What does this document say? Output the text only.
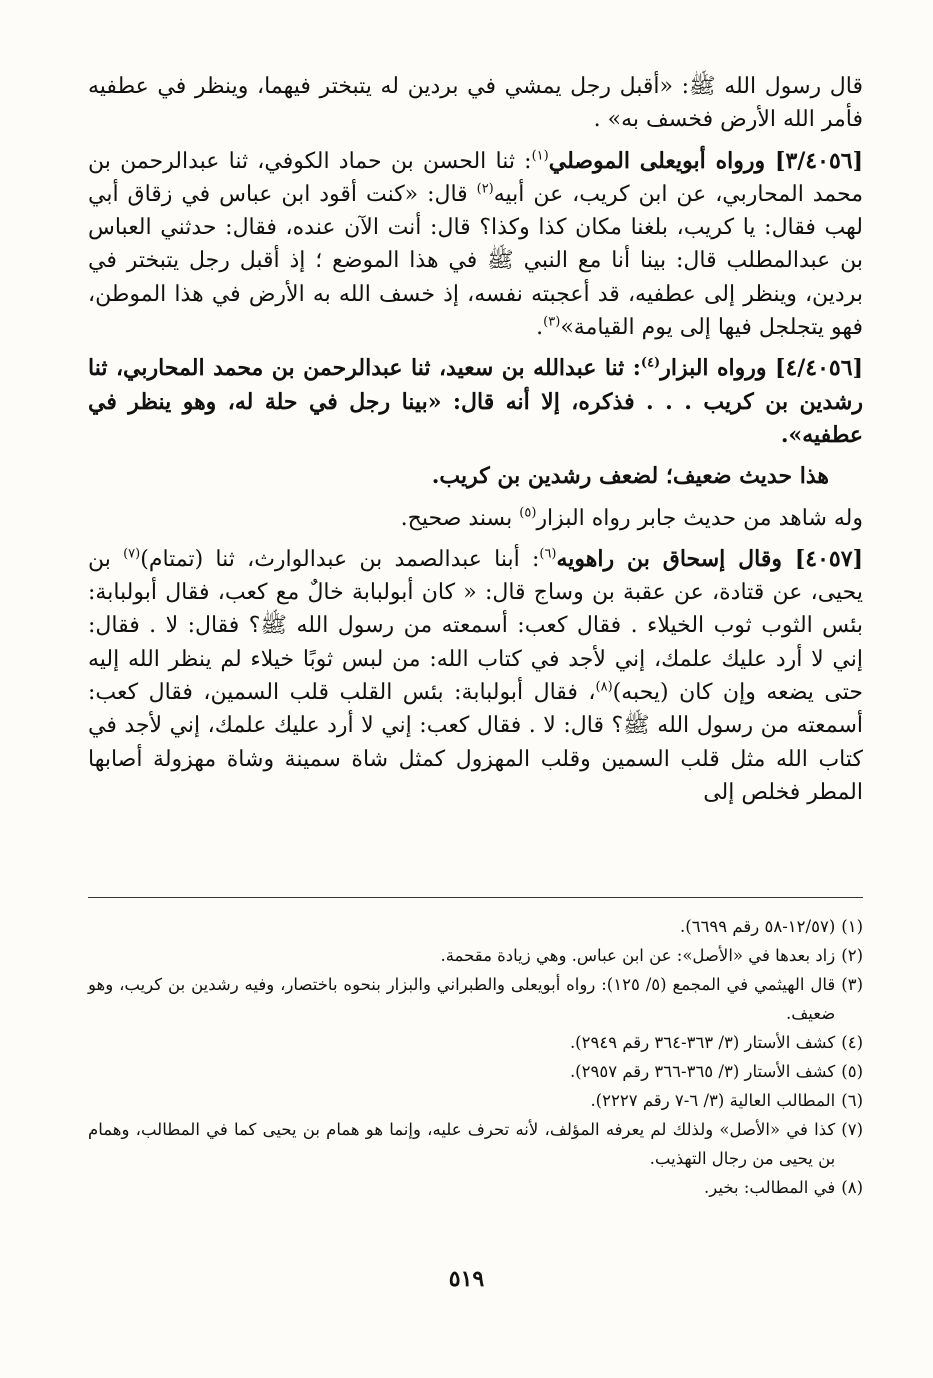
قال رسول الله ﷺ: «أقبل رجل يمشي في بردين له يتبختر فيهما، وينظر في عطفيه فأمر الله الأرض فخسف به» .

[٣/٤٠٥٦] ورواه أبويعلى الموصلي$^{(١)}$: ثنا الحسن بن حماد الكوفي، ثنا عبدالرحمن بن محمد المحاربي، عن ابن كريب، عن أبيه$^{(٢)}$ قال: «كنت أقود ابن عباس في زقاق أبي لهب فقال: يا كريب، بلغنا مكان كذا وكذا؟ قال: أنت الآن عنده، فقال: حدثني العباس بن عبدالمطلب قال: بينا أنا مع النبي ﷺ في هذا الموضع ؛ إذ أقبل رجل يتبختر في بردين، وينظر إلى عطفيه، قد أعجبته نفسه، إذ خسف الله به الأرض في هذا الموطن، فهو يتجلجل فيها إلى يوم القيامة»$^{(٣)}$.

[٤/٤٠٥٦] ورواه البزار$^{(٤)}$: ثنا عبدالله بن سعيد، ثنا عبدالرحمن بن محمد المحاربي، ثنا رشدين بن كريب . . . فذكره، إلا أنه قال: «بينا رجل في حلة له، وهو ينظر في عطفيه».

هذا حديث ضعيف؛ لضعف رشدين بن كريب.

وله شاهد من حديث جابر رواه البزار$^{(٥)}$ بسند صحيح.

[٤٠٥٧] وقال إسحاق بن راهويه$^{(٦)}$: أبنا عبدالصمد بن عبدالوارث، ثنا (تمتام)$^{(٧)}$ بن يحيى، عن قتادة، عن عقبة بن وساج قال: « كان أبولبابة خالٌ مع كعب، فقال أبولبابة: بئس الثوب ثوب الخيلاء . فقال كعب: أسمعته من رسول الله ﷺ؟ فقال: لا . فقال: إني لا أرد عليك علمك، إني لأجد في كتاب الله: من لبس ثوبًا خيلاء لم ينظر الله إليه حتى يضعه وإن كان (يحبه)$^{(٨)}$، فقال أبولبابة: بئس القلب قلب السمين، فقال كعب: أسمعته من رسول الله ﷺ؟ قال: لا . فقال كعب: إني لا أرد عليك علمك، إني لأجد في كتاب الله مثل قلب السمين وقلب المهزول كمثل شاة سمينة وشاة مهزولة أصابها المطر فخلص إلى

(١)
(١٢/٥٧-٥٨ رقم ٦٦٩٩).
(٢)
زاد بعدها في «الأصل»: عن ابن عباس. وهي زيادة مقحمة.
(٣)
قال الهيثمي في المجمع (٥/ ١٢٥): رواه أبويعلى والطبراني والبزار بنحوه باختصار، وفيه رشدين بن كريب، وهو ضعيف.
(٤)
كشف الأستار (٣/ ٣٦٣-٣٦٤ رقم ٢٩٤٩).
(٥)
كشف الأستار (٣/ ٣٦٥-٣٦٦ رقم ٢٩٥٧).
(٦)
المطالب العالية (٣/ ٦-٧ رقم ٢٢٢٧).
(٧)
كذا في «الأصل» ولذلك لم يعرفه المؤلف، لأنه تحرف عليه، وإنما هو همام بن يحيى كما في المطالب، وهمام بن يحيى من رجال التهذيب.
(٨)
في المطالب: بخير.
٥١٩
